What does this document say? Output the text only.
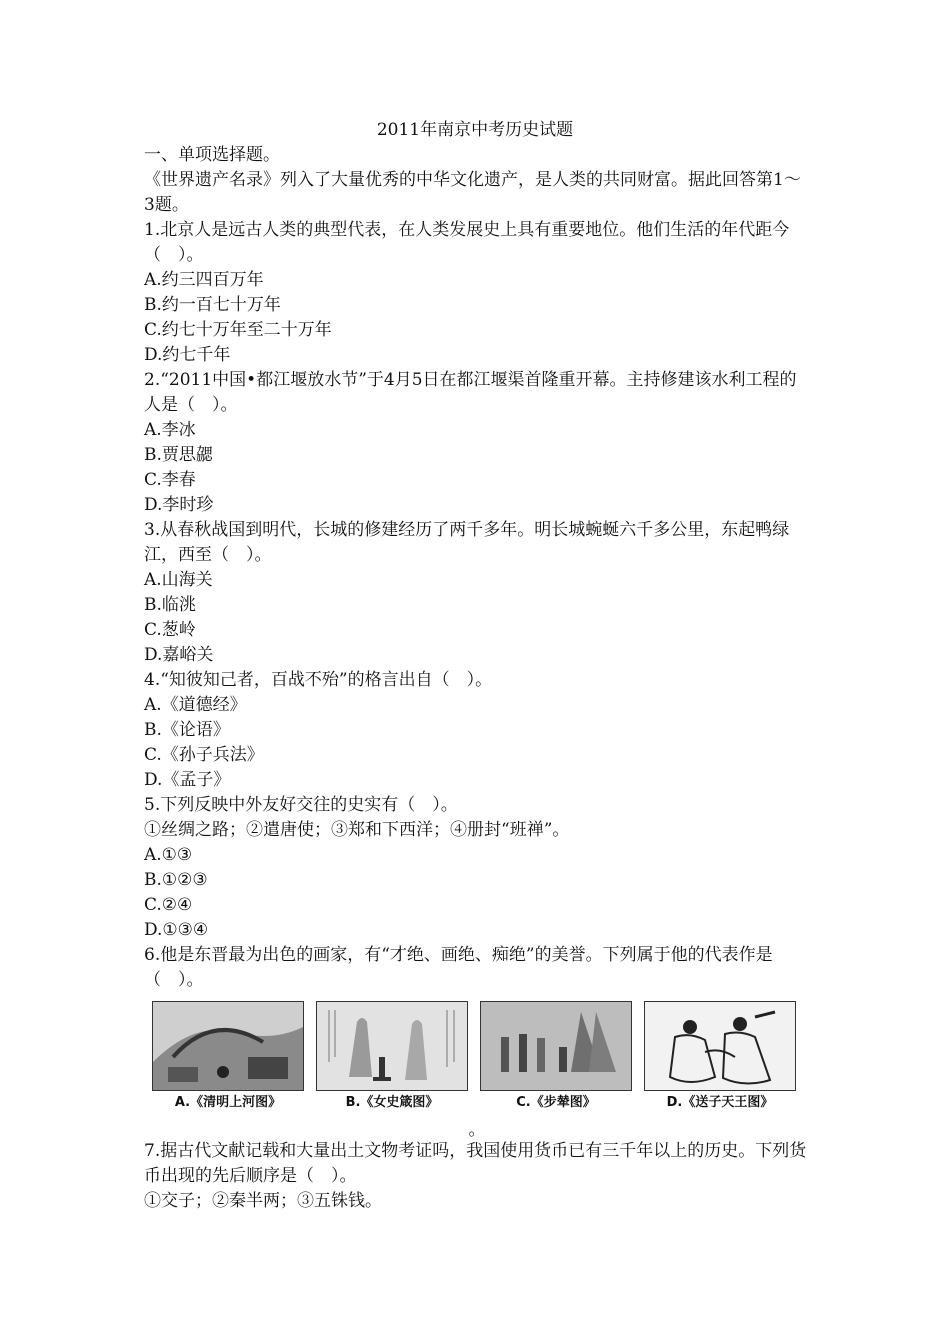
2011年南京中考历史试题

一、单项选择题。

《世界遗产名录》列入了大量优秀的中华文化遗产，是人类的共同财富。据此回答第1～3题。

1.北京人是远古人类的典型代表，在人类发展史上具有重要地位。他们生活的年代距今（　）。

A.约三四百万年

B.约一百七十万年

C.约七十万年至二十万年

D.约七千年

2.“2011中国•都江堰放水节”于4月5日在都江堰渠首隆重开幕。主持修建该水利工程的人是（　）。

A.李冰

B.贾思勰

C.李春

D.李时珍

3.从春秋战国到明代，长城的修建经历了两千多年。明长城蜿蜒六千多公里，东起鸭绿江，西至（　）。

A.山海关

B.临洮

C.葱岭

D.嘉峪关

4.“知彼知己者，百战不殆”的格言出自（　）。

A.《道德经》

B.《论语》

C.《孙子兵法》

D.《孟子》

5.下列反映中外友好交往的史实有（　）。

①丝绸之路；②遣唐使；③郑和下西洋；④册封“班禅”。

A.①③

B.①②③

C.②④

D.①③④

6.他是东晋最为出色的画家，有“才绝、画绝、痴绝”的美誉。下列属于他的代表作是（　）。

A.《清明上河图》	B.《女史箴图》	C.《步辇图》	D.《送子天王图》
。

7.据古代文献记载和大量出土文物考证吗，我国使用货币已有三千年以上的历史。下列货币出现的先后顺序是（　）。

①交子；②秦半两；③五铢钱。
